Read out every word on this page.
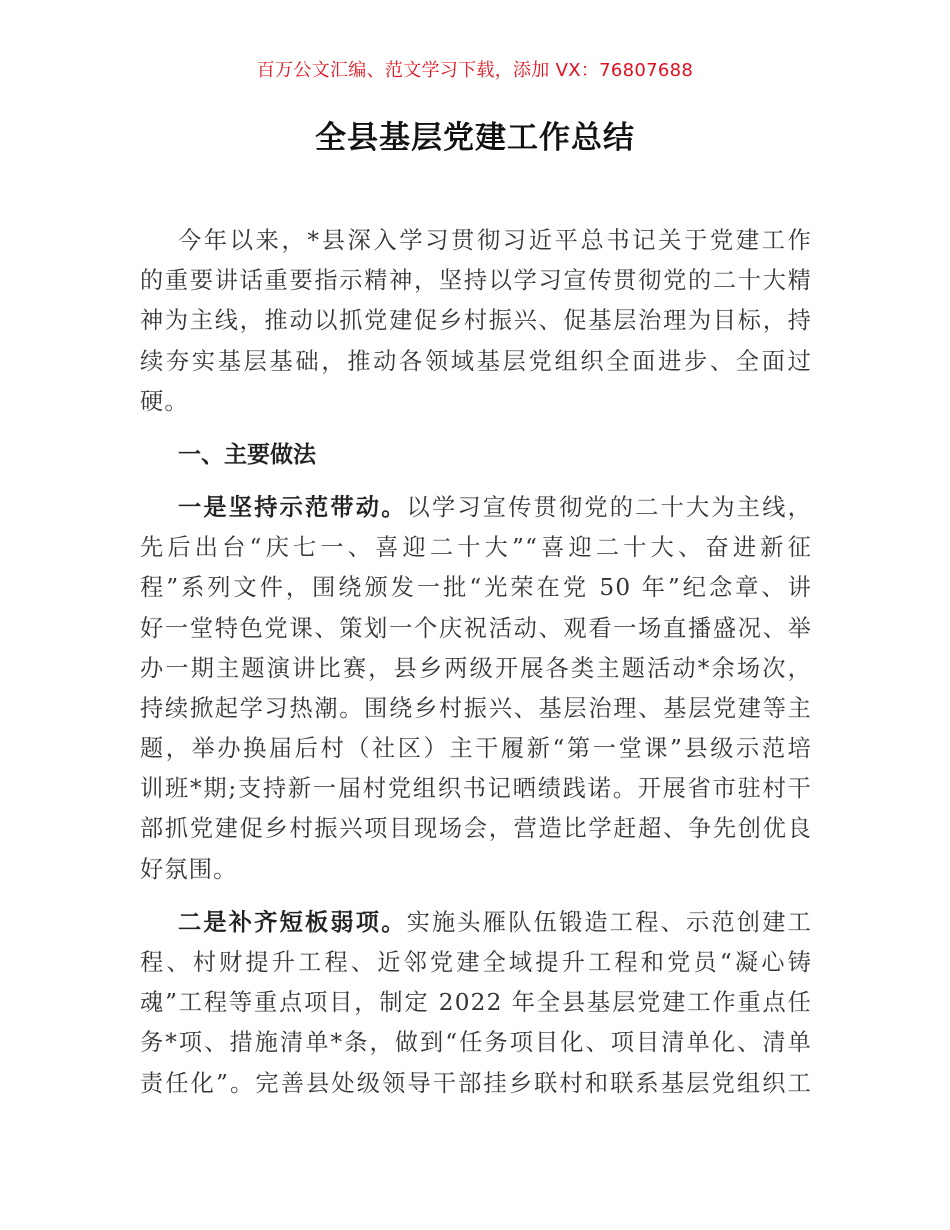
百万公文汇编、范文学习下载，添加 VX：76807688
全县基层党建工作总结
今年以来，*县深入学习贯彻习近平总书记关于党建工作
的重要讲话重要指示精神，坚持以学习宣传贯彻党的二十大精
神为主线，推动以抓党建促乡村振兴、促基层治理为目标，持
续夯实基层基础，推动各领域基层党组织全面进步、全面过
硬。
一、主要做法
一是坚持示范带动。以学习宣传贯彻党的二十大为主线，
先后出台“庆七一、喜迎二十大”“喜迎二十大、奋进新征
程”系列文件，围绕颁发一批“光荣在党 50 年”纪念章、讲
好一堂特色党课、策划一个庆祝活动、观看一场直播盛况、举
办一期主题演讲比赛，县乡两级开展各类主题活动*余场次，
持续掀起学习热潮。围绕乡村振兴、基层治理、基层党建等主
题，举办换届后村（社区）主干履新“第一堂课”县级示范培
训班*期;支持新一届村党组织书记晒绩践诺。开展省市驻村干
部抓党建促乡村振兴项目现场会，营造比学赶超、争先创优良
好氛围。
二是补齐短板弱项。实施头雁队伍锻造工程、示范创建工
程、村财提升工程、近邻党建全域提升工程和党员“凝心铸
魂”工程等重点项目，制定 2022 年全县基层党建工作重点任
务*项、措施清单*条，做到“任务项目化、项目清单化、清单
责任化”。完善县处级领导干部挂乡联村和联系基层党组织工
